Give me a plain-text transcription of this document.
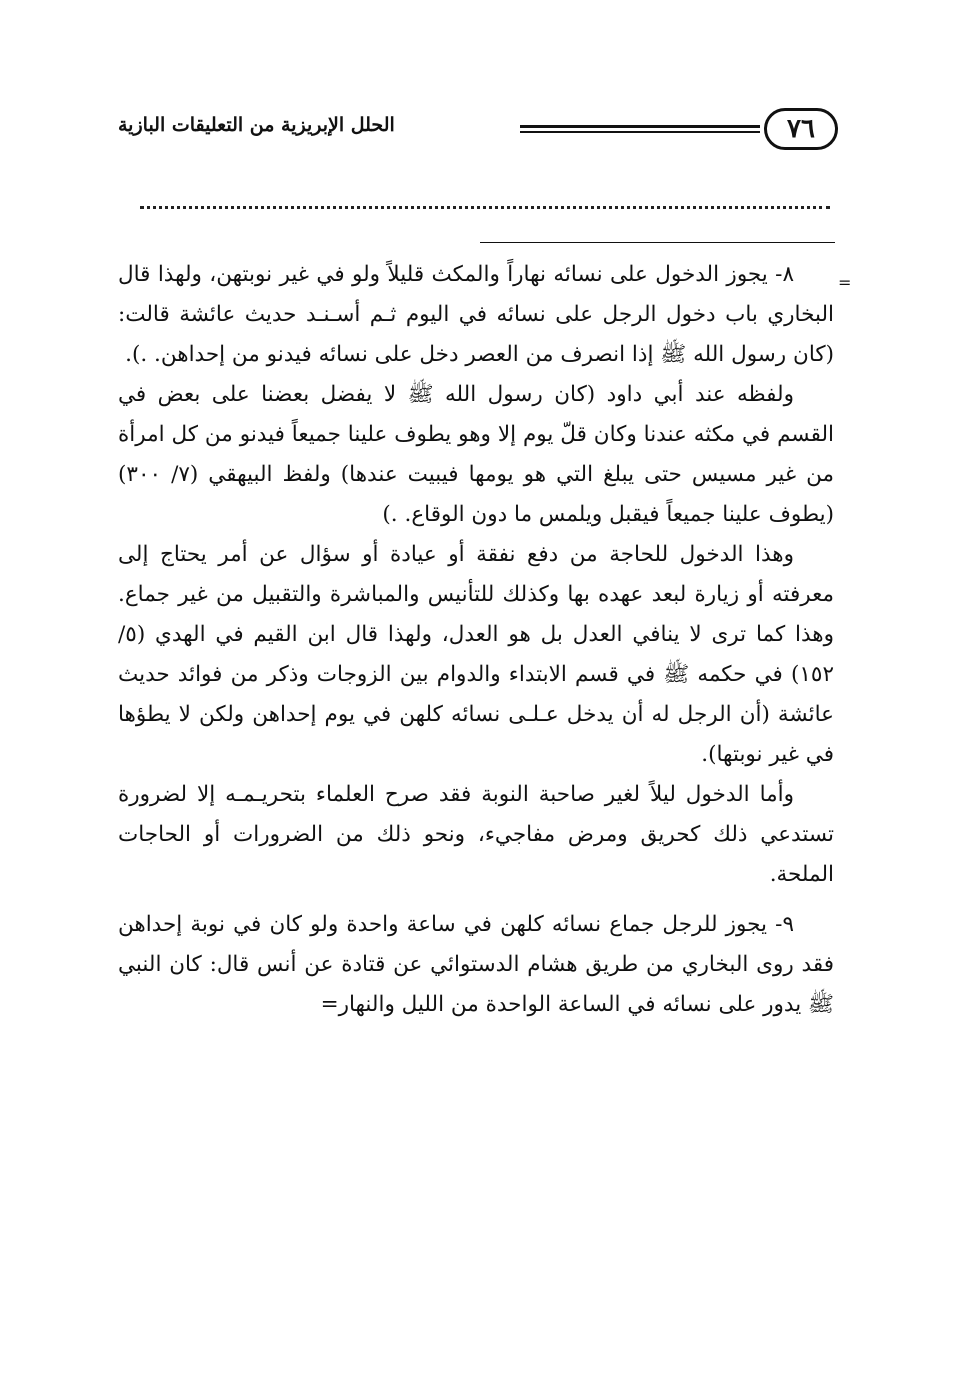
٧٦
الحلل الإبريزية من التعليقات البازية
=

٨- يجوز الدخول على نسائه نهاراً والمكث قليلاً ولو في غير نوبتهن، ولهذا قال البخاري باب دخول الرجل على نسائه في اليوم ثـم أسـنـد حديث عائشة قالت: (كان رسول الله ﷺ إذا انصرف من العصر دخل على نسائه فيدنو من إحداهن. .).

ولفظه عند أبي داود (كان رسول الله ﷺ لا يفضل بعضنا على بعض في القسم في مكثه عندنا وكان قلّ يوم إلا وهو يطوف علينا جميعاً فيدنو من كل امرأة من غير مسيس حتى يبلغ التي هو يومها فيبيت عندها) ولفظ البيهقي (٧/ ٣٠٠) (يطوف علينا جميعاً فيقبل ويلمس ما دون الوقاع. .)

وهذا الدخول للحاجة من دفع نفقة أو عيادة أو سؤال عن أمر يحتاج إلى معرفته أو زيارة لبعد عهده بها وكذلك للتأنيس والمباشرة والتقبيل من غير جماع. وهذا كما ترى لا ينافي العدل بل هو العدل، ولهذا قال ابن القيم في الهدي (٥/ ١٥٢) في حكمه ﷺ في قسم الابتداء والدوام بين الزوجات وذكر من فوائد حديث عائشة (أن الرجل له أن يدخل عـلـى نسائه كلهن في يوم إحداهن ولكن لا يطؤها في غير نوبتها).

وأما الدخول ليلاً لغير صاحبة النوبة فقد صرح العلماء بتحريـمـه إلا لضرورة تستدعي ذلك كحريق ومرض مفاجيء، ونحو ذلك من الضرورات أو الحاجات الملحة.

٩- يجوز للرجل جماع نسائه كلهن في ساعة واحدة ولو كان في نوبة إحداهن فقد روى البخاري من طريق هشام الدستوائي عن قتادة عن أنس قال: كان النبي ﷺ يدور على نسائه في الساعة الواحدة من الليل والنهار=
